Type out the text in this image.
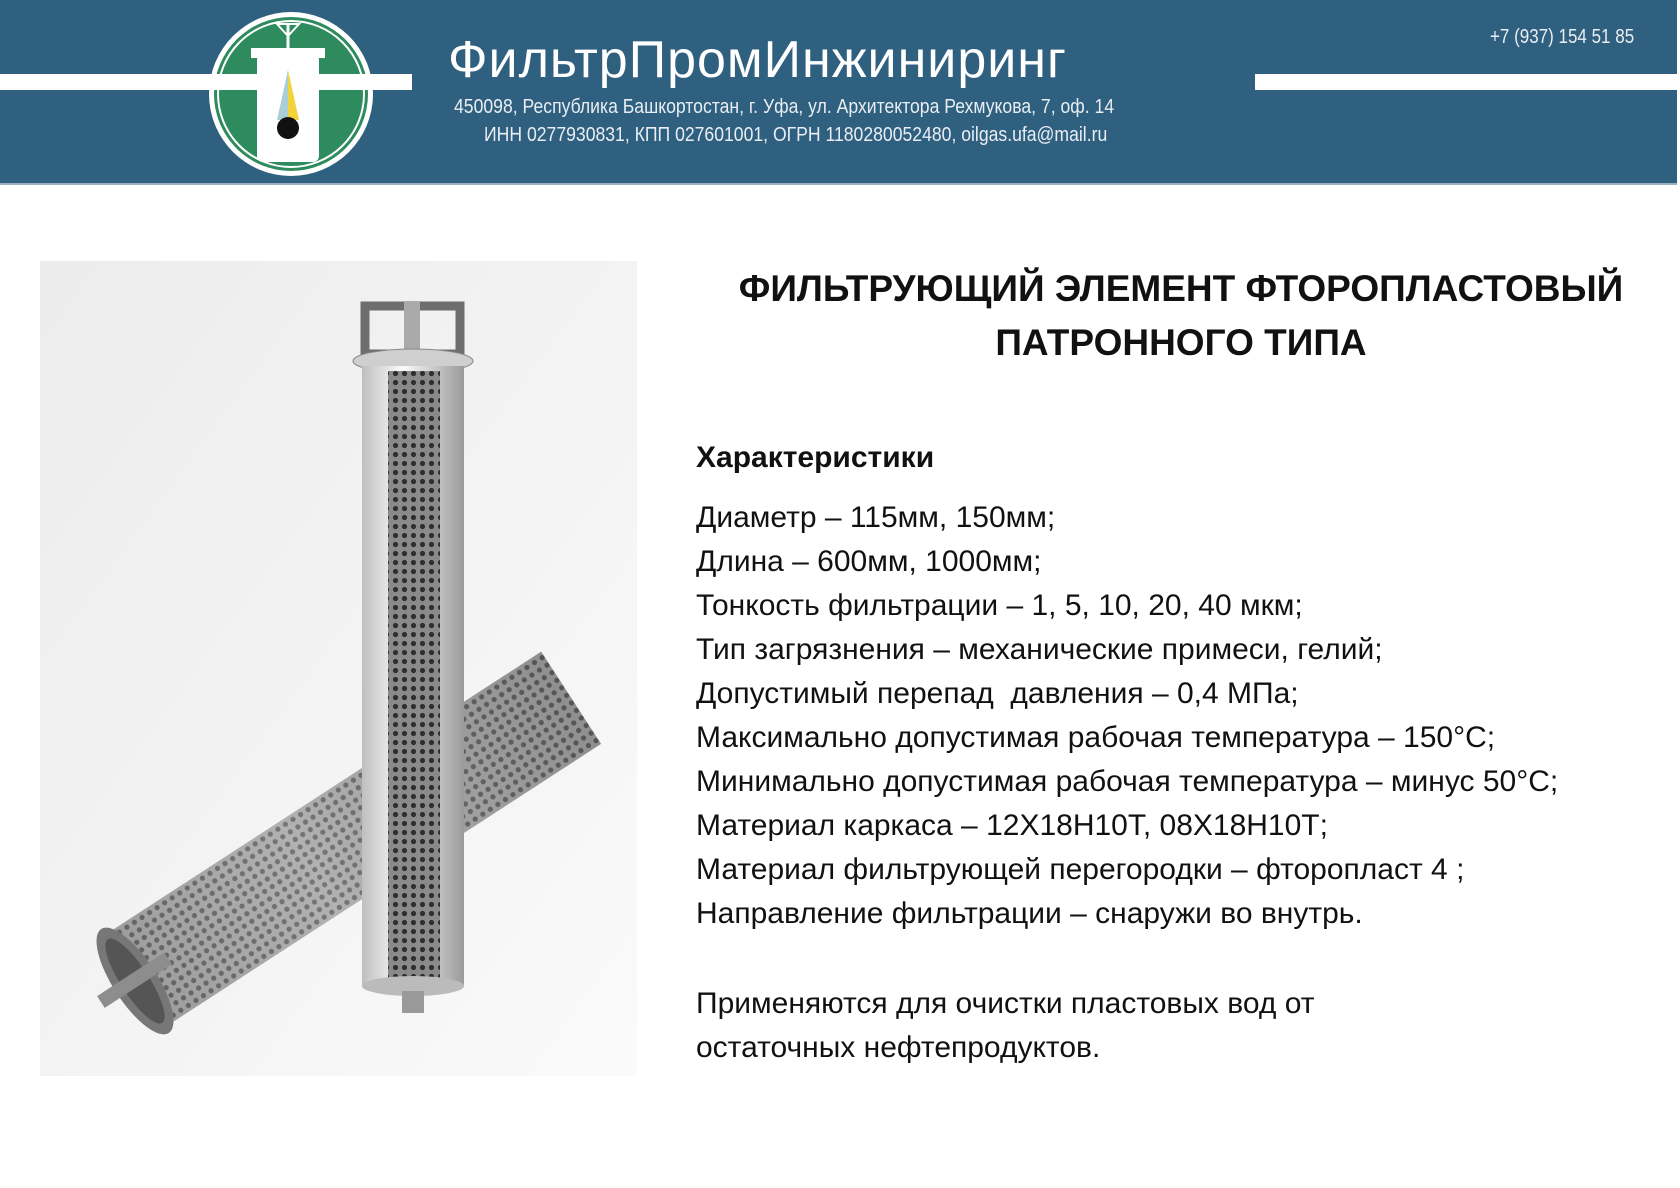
ФильтрПромИнжиниринг
450098, Республика Башкортостан, г. Уфа, ул. Архитектора Рехмукова, 7, оф. 14
ИНН 0277930831, КПП 027601001, ОГРН 1180280052480, oilgas.ufa@mail.ru
+7 (937) 154 51 85
ФИЛЬТРУЮЩИЙ ЭЛЕМЕНТ ФТОРОПЛАСТОВЫЙ
ПАТРОННОГО ТИПА
Характеристики
Диаметр – 115мм, 150мм;
Длина – 600мм, 1000мм;
Тонкость фильтрации – 1, 5, 10, 20, 40 мкм;
Тип загрязнения – механические примеси, гелий;
Допустимый перепад  давления – 0,4 МПа;
Максимально допустимая рабочая температура – 150°C;
Минимально допустимая рабочая температура – минус 50°C;
Материал каркаса – 12Х18Н10Т, 08Х18Н10Т;
Материал фильтрующей перегородки – фторопласт 4 ;
Направление фильтрации – снаружи во внутрь.
Применяются для очистки пластовых вод от
остаточных нефтепродуктов.
